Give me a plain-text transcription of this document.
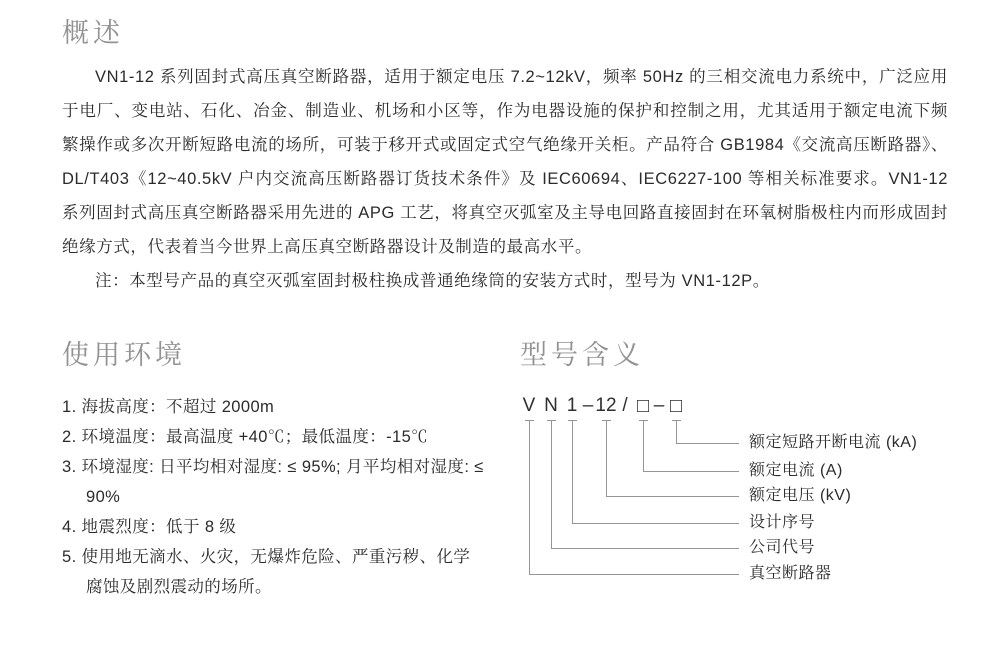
概述

VN1-12 系列固封式高压真空断路器，适用于额定电压 7.2~12kV，频率 50Hz 的三相交流电力系统中，广泛应用于电厂、变电站、石化、冶金、制造业、机场和小区等，作为电器设施的保护和控制之用，尤其适用于额定电流下频繁操作或多次开断短路电流的场所，可装于移开式或固定式空气绝缘开关柜。产品符合 GB1984《交流高压断路器》、DL/T403《12~40.5kV 户内交流高压断路器订货技术条件》及 IEC60694、IEC6227-100 等相关标准要求。VN1-12 系列固封式高压真空断路器采用先进的 APG 工艺，将真空灭弧室及主导电回路直接固封在环氧树脂极柱内而形成固封绝缘方式，代表着当今世界上高压真空断路器设计及制造的最高水平。

注：本型号产品的真空灭弧室固封极柱换成普通绝缘筒的安装方式时，型号为 VN1-12P。

使用环境
1. 海拔高度：不超过 2000m
2. 环境温度：最高温度 +40℃；最低温度：-15℃
3. 环境湿度: 日平均相对湿度: ≤ 95%; 月平均相对湿度: ≤ 90%
4. 地震烈度：低于 8 级
5. 使用地无滴水、火灾，无爆炸危险、严重污秽、化学腐蚀及剧烈震动的场所。
型号含义
V N 1 – 12 / □ – □
额定短路开断电流 (kA)
额定电流 (A)
额定电压 (kV)
设计序号
公司代号
真空断路器
